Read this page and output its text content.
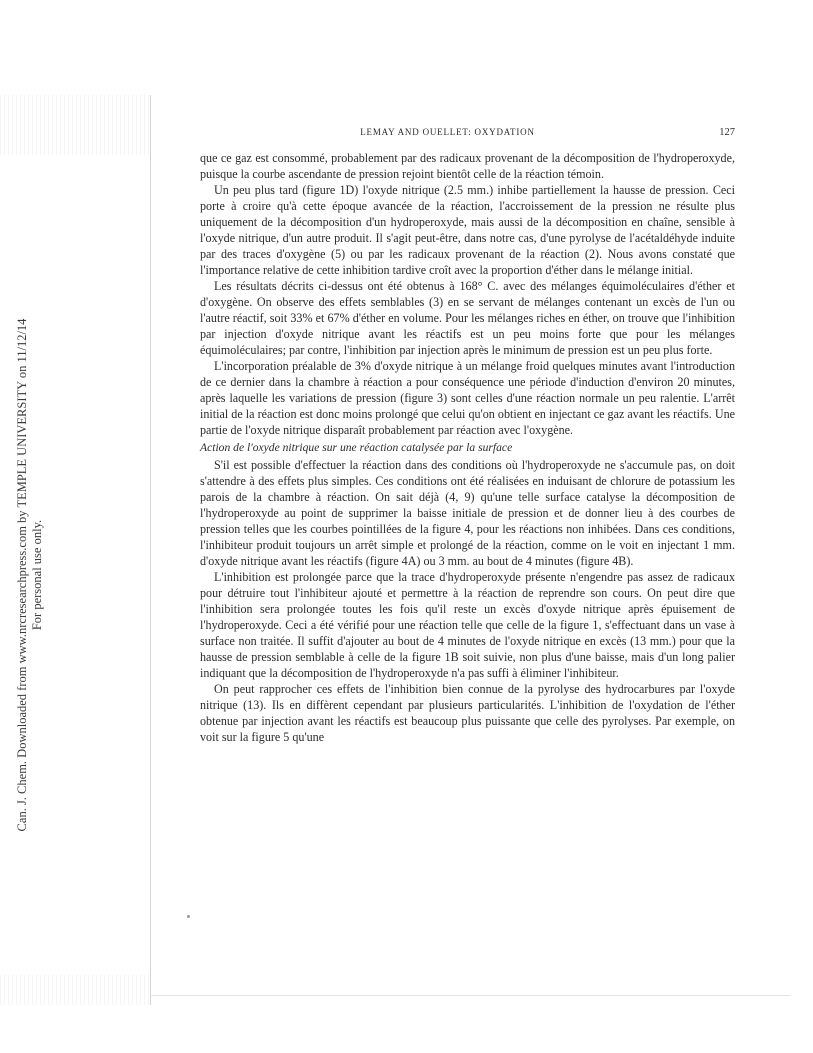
Can. J. Chem. Downloaded from www.nrcresearchpress.com by TEMPLE UNIVERSITY on 11/12/14 For personal use only.
LEMAY AND OUELLET: OXYDATION	127

que ce gaz est consommé, probablement par des radicaux provenant de la décomposition de l'hydroperoxyde, puisque la courbe ascendante de pression rejoint bientôt celle de la réaction témoin.

Un peu plus tard (figure 1D) l'oxyde nitrique (2.5 mm.) inhibe partiellement la hausse de pression. Ceci porte à croire qu'à cette époque avancée de la réaction, l'accroissement de la pression ne résulte plus uniquement de la décomposition d'un hydroperoxyde, mais aussi de la décomposition en chaîne, sensible à l'oxyde nitrique, d'un autre produit. Il s'agit peut-être, dans notre cas, d'une pyrolyse de l'acétaldéhyde induite par des traces d'oxygène (5) ou par les radicaux provenant de la réaction (2). Nous avons constaté que l'importance relative de cette inhibition tardive croît avec la proportion d'éther dans le mélange initial.

Les résultats décrits ci-dessus ont été obtenus à 168° C. avec des mélanges équimoléculaires d'éther et d'oxygène. On observe des effets semblables (3) en se servant de mélanges contenant un excès de l'un ou l'autre réactif, soit 33% et 67% d'éther en volume. Pour les mélanges riches en éther, on trouve que l'inhibition par injection d'oxyde nitrique avant les réactifs est un peu moins forte que pour les mélanges équimoléculaires; par contre, l'inhibition par injection après le minimum de pression est un peu plus forte.

L'incorporation préalable de 3% d'oxyde nitrique à un mélange froid quelques minutes avant l'introduction de ce dernier dans la chambre à réaction a pour conséquence une période d'induction d'environ 20 minutes, après laquelle les variations de pression (figure 3) sont celles d'une réaction normale un peu ralentie. L'arrêt initial de la réaction est donc moins prolongé que celui qu'on obtient en injectant ce gaz avant les réactifs. Une partie de l'oxyde nitrique disparaît probablement par réaction avec l'oxygène.

Action de l'oxyde nitrique sur une réaction catalysée par la surface

S'il est possible d'effectuer la réaction dans des conditions où l'hydroperoxyde ne s'accumule pas, on doit s'attendre à des effets plus simples. Ces conditions ont été réalisées en induisant de chlorure de potassium les parois de la chambre à réaction. On sait déjà (4, 9) qu'une telle surface catalyse la décomposition de l'hydroperoxyde au point de supprimer la baisse initiale de pression et de donner lieu à des courbes de pression telles que les courbes pointillées de la figure 4, pour les réactions non inhibées. Dans ces conditions, l'inhibiteur produit toujours un arrêt simple et prolongé de la réaction, comme on le voit en injectant 1 mm. d'oxyde nitrique avant les réactifs (figure 4A) ou 3 mm. au bout de 4 minutes (figure 4B).

L'inhibition est prolongée parce que la trace d'hydroperoxyde présente n'engendre pas assez de radicaux pour détruire tout l'inhibiteur ajouté et permettre à la réaction de reprendre son cours. On peut dire que l'inhibition sera prolongée toutes les fois qu'il reste un excès d'oxyde nitrique après épuisement de l'hydroperoxyde. Ceci a été vérifié pour une réaction telle que celle de la figure 1, s'effectuant dans un vase à surface non traitée. Il suffit d'ajouter au bout de 4 minutes de l'oxyde nitrique en excès (13 mm.) pour que la hausse de pression semblable à celle de la figure 1B soit suivie, non plus d'une baisse, mais d'un long palier indiquant que la décomposition de l'hydroperoxyde n'a pas suffi à éliminer l'inhibiteur.

On peut rapprocher ces effets de l'inhibition bien connue de la pyrolyse des hydrocarbures par l'oxyde nitrique (13). Ils en diffèrent cependant par plusieurs particularités. L'inhibition de l'oxydation de l'éther obtenue par injection avant les réactifs est beaucoup plus puissante que celle des pyrolyses. Par exemple, on voit sur la figure 5 qu'une
